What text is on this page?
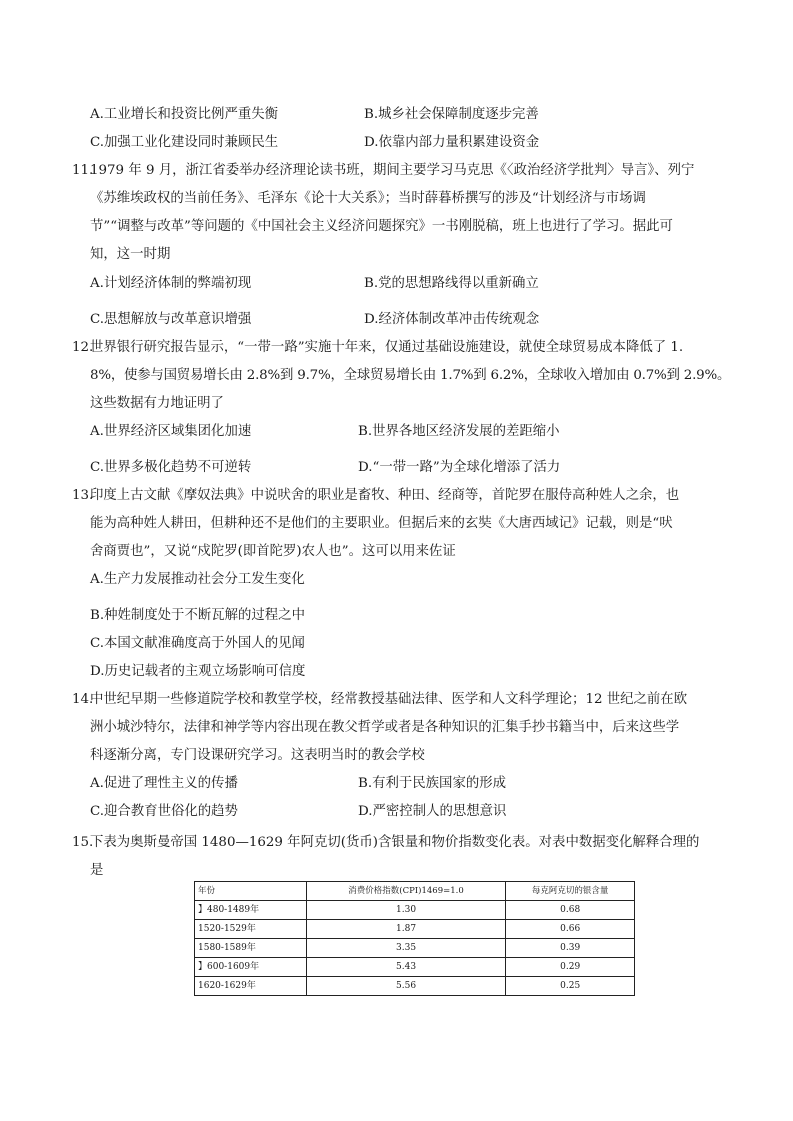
A.工业增长和投资比例严重失衡	B.城乡社会保障制度逐步完善
C.加强工业化建设同时兼顾民生	D.依靠内部力量积累建设资金
11.
1979 年 9 月，浙江省委举办经济理论读书班，期间主要学习马克思《〈政治经济学批判〉导言》、列宁
《苏维埃政权的当前任务》、毛泽东《论十大关系》；当时薛暮桥撰写的涉及“计划经济与市场调
节”“调整与改革”等问题的《中国社会主义经济问题探究》一书刚脱稿，班上也进行了学习。据此可
知，这一时期
A.计划经济体制的弊端初现	B.党的思想路线得以重新确立
C.思想解放与改革意识增强	D.经济体制改革冲击传统观念
12.
世界银行研究报告显示，“一带一路”实施十年来，仅通过基础设施建设，就使全球贸易成本降低了 1.
8%，使参与国贸易增长由 2.8%到 9.7%，全球贸易增长由 1.7%到 6.2%，全球收入增加由 0.7%到 2.9%。
这些数据有力地证明了
A.世界经济区域集团化加速	B.世界各地区经济发展的差距缩小
C.世界多极化趋势不可逆转	D.“一带一路”为全球化增添了活力
13.
印度上古文献《摩奴法典》中说吠舍的职业是畜牧、种田、经商等，首陀罗在服侍高种姓人之余，也
能为高种姓人耕田，但耕种还不是他们的主要职业。但据后来的玄奘《大唐西域记》记载，则是“吠
舍商贾也”，又说“戍陀罗(即首陀罗)农人也”。这可以用来佐证
A.生产力发展推动社会分工发生变化
B.种姓制度处于不断瓦解的过程之中
C.本国文献准确度高于外国人的见闻
D.历史记载者的主观立场影响可信度
14.
中世纪早期一些修道院学校和教堂学校，经常教授基础法律、医学和人文科学理论；12 世纪之前在欧
洲小城沙特尔，法律和神学等内容出现在教父哲学或者是各种知识的汇集手抄书籍当中，后来这些学
科逐渐分离，专门设课研究学习。这表明当时的教会学校
A.促进了理性主义的传播	B.有利于民族国家的形成
C.迎合教育世俗化的趋势	D.严密控制人的思想意识
15.
下表为奥斯曼帝国 1480—1629 年阿克切(货币)含银量和物价指数变化表。对表中数据变化解释合理的
是
年份	消费价格指数(CPI)1469=1.0	每克阿克切的银含量
】480-1489年	1.30	0.68
1520-1529年	1.87	0.66
1580-1589年	3.35	0.39
】600-1609年	5.43	0.29
1620-1629年	5.56	0.25
